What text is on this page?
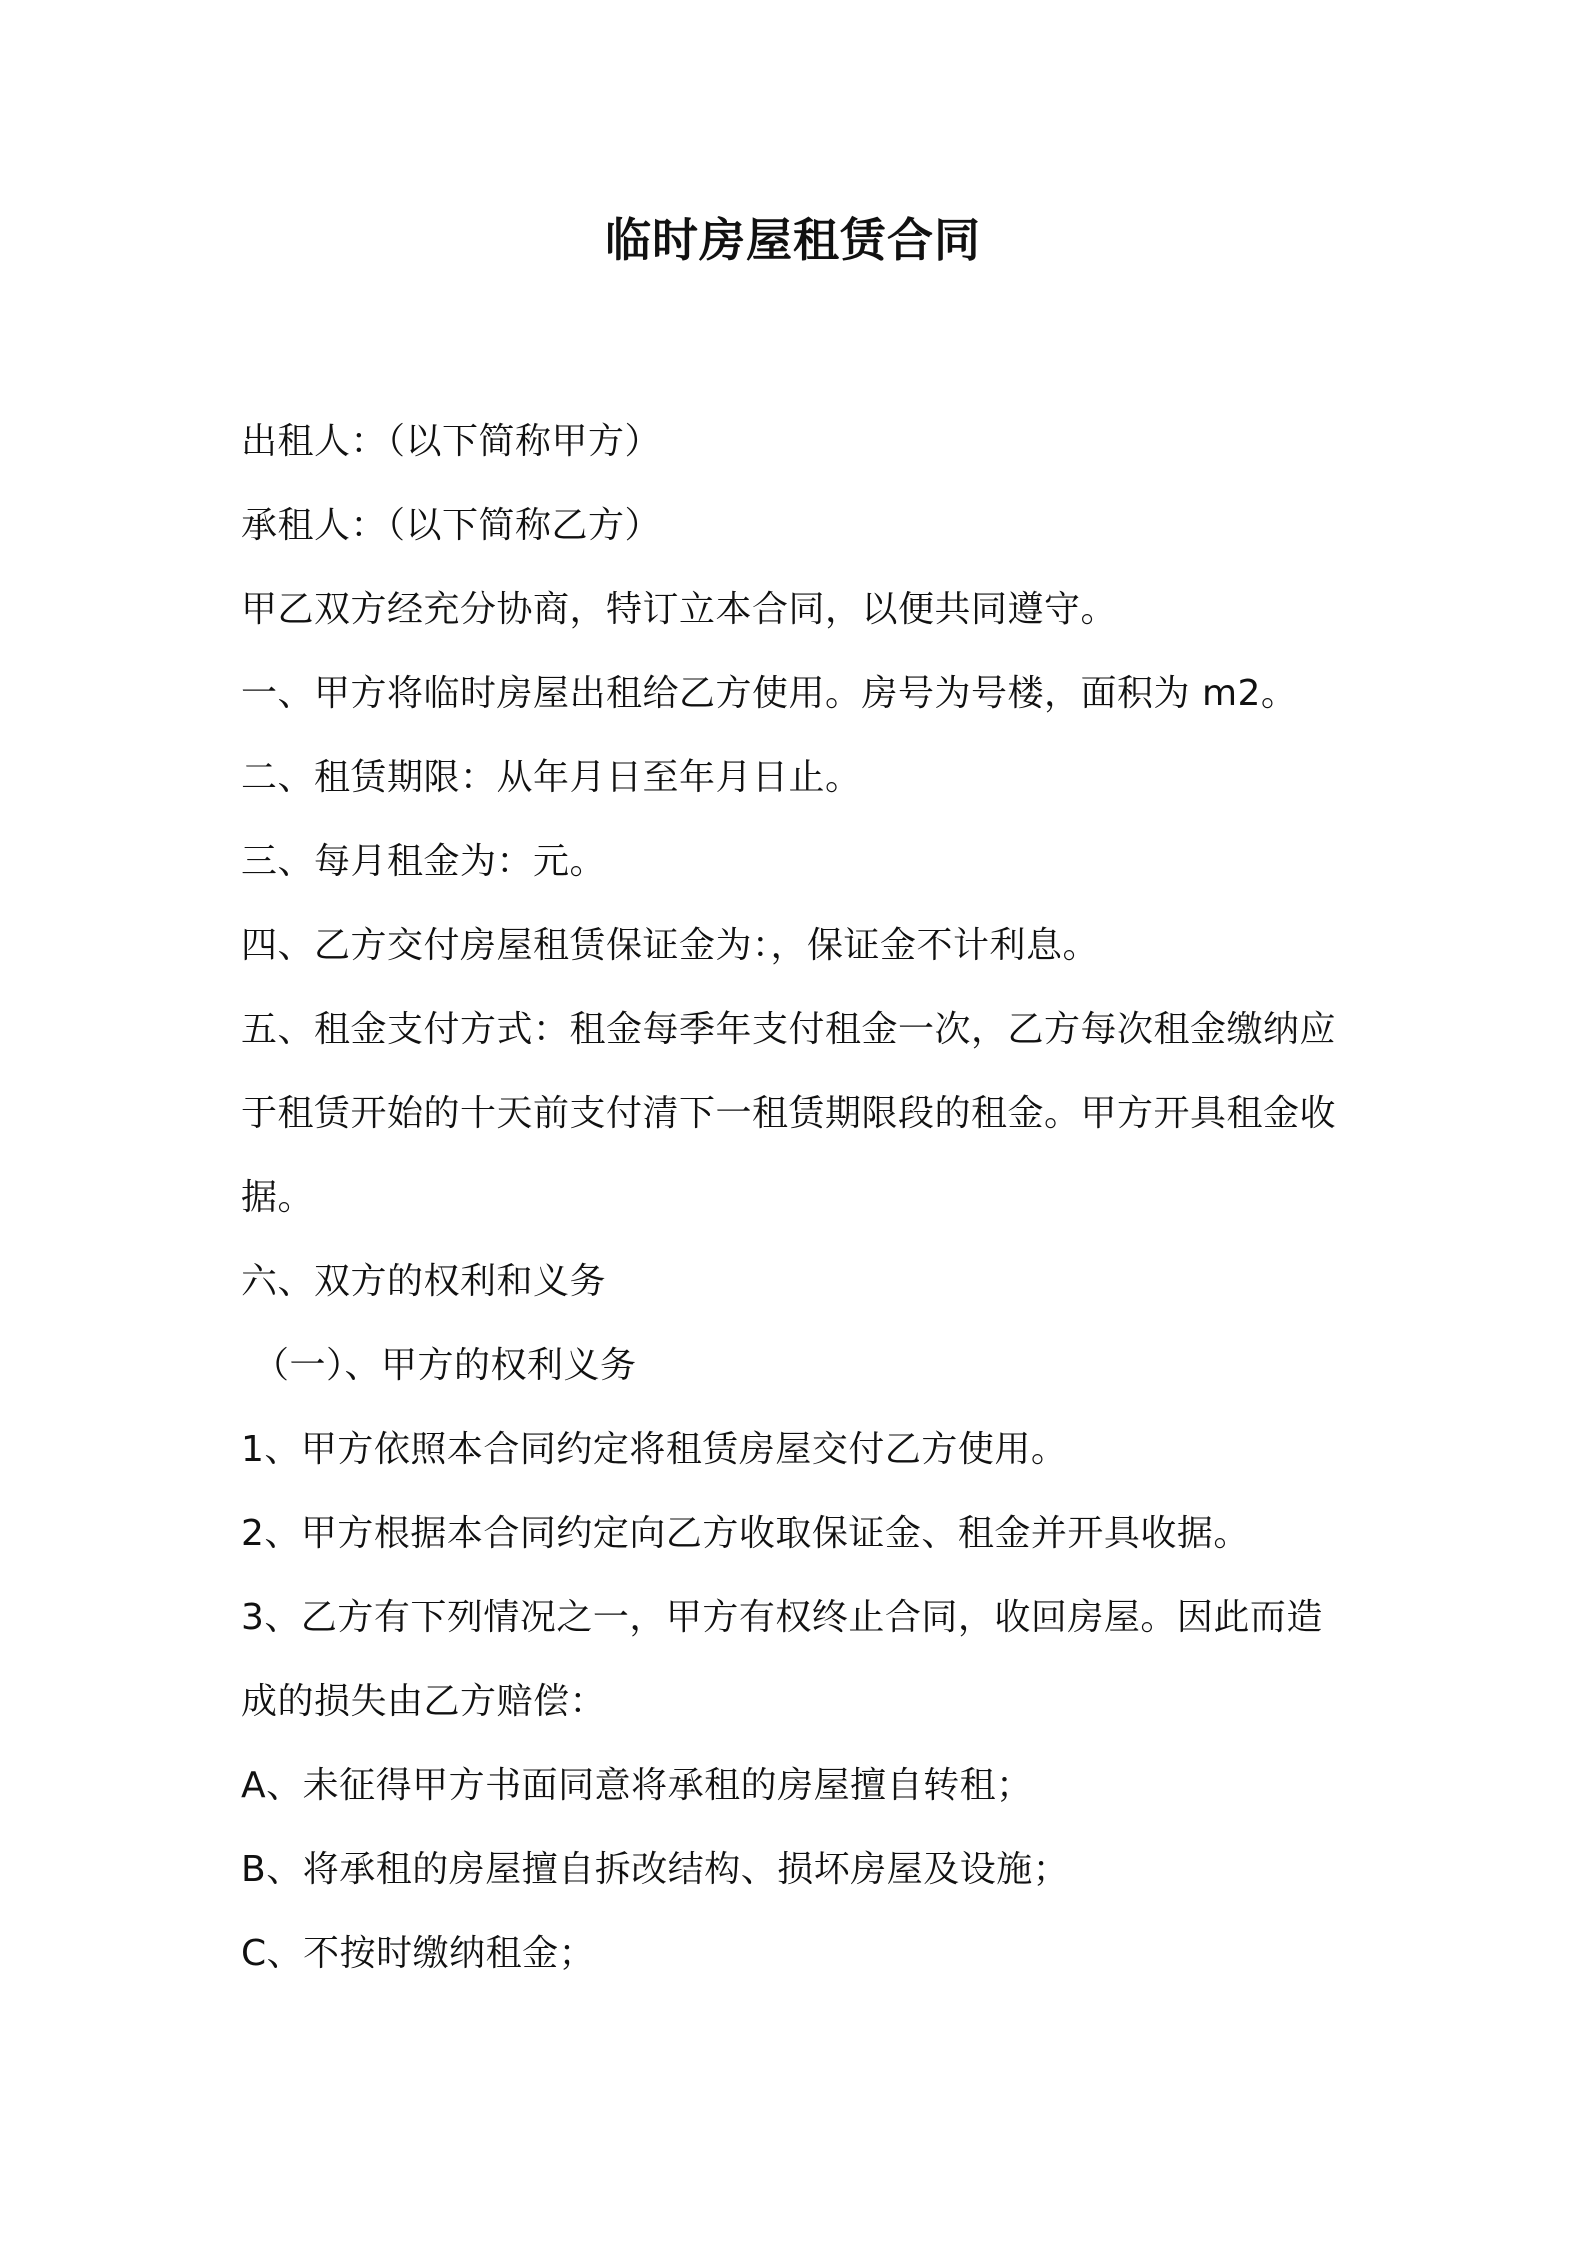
临时房屋租赁合同
出租人：（以下简称甲方）
承租人：（以下简称乙方）
甲乙双方经充分协商，特订立本合同，以便共同遵守。
一、甲方将临时房屋出租给乙方使用。房号为号楼，面积为 m2。
二、租赁期限：从年月日至年月日止。
三、每月租金为：元。
四、乙方交付房屋租赁保证金为：，保证金不计利息。
五、租金支付方式：租金每季年支付租金一次，乙方每次租金缴纳应
于租赁开始的十天前支付清下一租赁期限段的租金。甲方开具租金收
据。
六、双方的权利和义务
（一）、甲方的权利义务
1、甲方依照本合同约定将租赁房屋交付乙方使用。
2、甲方根据本合同约定向乙方收取保证金、租金并开具收据。
3、乙方有下列情况之一，甲方有权终止合同，收回房屋。因此而造
成的损失由乙方赔偿：
A、未征得甲方书面同意将承租的房屋擅自转租；
B、将承租的房屋擅自拆改结构、损坏房屋及设施；
C、不按时缴纳租金；
